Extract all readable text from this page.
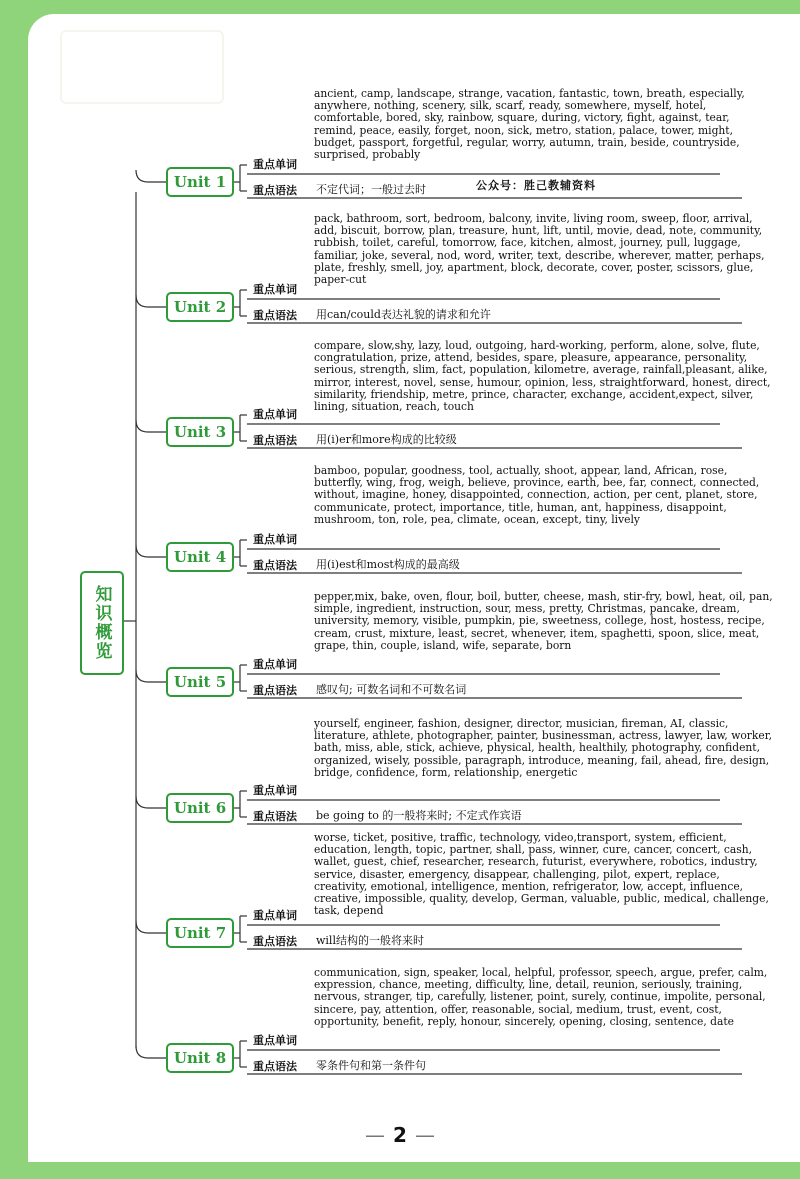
知识概览
公众号：胜己教辅资料
Unit 1
重点单词
重点语法
ancient, camp, landscape, strange, vacation, fantastic, town, breath, especially, anywhere, nothing, scenery, silk, scarf, ready, somewhere, myself, hotel, comfortable, bored, sky, rainbow, square, during, victory, fight, against, tear, remind, peace, easily, forget, noon, sick, metro, station, palace, tower, might, budget, passport, forgetful, regular, worry, autumn, train, beside, countryside, surprised, probably
不定代词；一般过去时
Unit 2
重点单词
重点语法
pack, bathroom, sort, bedroom, balcony, invite, living room, sweep, floor, arrival, add, biscuit, borrow, plan, treasure, hunt, lift, until, movie, dead, note, community, rubbish, toilet, careful, tomorrow, face, kitchen, almost, journey, pull, luggage, familiar, joke, several, nod, word, writer, text, describe, wherever, matter, perhaps, plate, freshly, smell, joy, apartment, block, decorate, cover, poster, scissors, glue, paper-cut
用can/could表达礼貌的请求和允许
Unit 3
重点单词
重点语法
compare, slow,shy, lazy, loud, outgoing, hard-working, perform, alone, solve, flute, congratulation, prize, attend, besides, spare, pleasure, appearance, personality, serious, strength, slim, fact, population, kilometre, average, rainfall,pleasant, alike, mirror, interest, novel, sense, humour, opinion, less, straightforward, honest, direct, similarity, friendship, metre, prince, character, exchange, accident,expect, silver, lining, situation, reach, touch
用(i)er和more构成的比较级
Unit 4
重点单词
重点语法
bamboo, popular, goodness, tool, actually, shoot, appear, land, African, rose, butterfly, wing, frog, weigh, believe, province, earth, bee, far, connect, connected, without, imagine, honey, disappointed, connection, action, per cent, planet, store, communicate, protect, importance, title, human, ant, happiness, disappoint, mushroom, ton, role, pea, climate, ocean, except, tiny, lively
用(i)est和most构成的最高级
Unit 5
重点单词
重点语法
pepper,mix, bake, oven, flour, boil, butter, cheese, mash, stir-fry, bowl, heat, oil, pan, simple, ingredient, instruction, sour, mess, pretty, Christmas, pancake, dream, university, memory, visible, pumpkin, pie, sweetness, college, host, hostess, recipe, cream, crust, mixture, least, secret, whenever, item, spaghetti, spoon, slice, meat, grape, thin, couple, island, wife, separate, born
感叹句; 可数名词和不可数名词
Unit 6
重点单词
重点语法
yourself, engineer, fashion, designer, director, musician, fireman, AI, classic, literature, athlete, photographer, painter, businessman, actress, lawyer, law, worker, bath, miss, able, stick, achieve, physical, health, healthily, photography, confident, organized, wisely, possible, paragraph, introduce, meaning, fail, ahead, fire, design, bridge, confidence, form, relationship, energetic
be going to 的一般将来时; 不定式作宾语
Unit 7
重点单词
重点语法
worse, ticket, positive, traffic, technology, video,transport, system, efficient, education, length, topic, partner, shall, pass, winner, cure, cancer, concert, cash, wallet, guest, chief, researcher, research, futurist, everywhere, robotics, industry, service, disaster, emergency, disappear, challenging, pilot, expert, replace, creativity, emotional, intelligence, mention, refrigerator, low, accept, influence, creative, impossible, quality, develop, German, valuable, public, medical, challenge, task, depend
will结构的一般将来时
Unit 8
重点单词
重点语法
communication, sign, speaker, local, helpful, professor, speech, argue, prefer, calm, expression, chance, meeting, difficulty, line, detail, reunion, seriously, training, nervous, stranger, tip, carefully, listener, point, surely, continue, impolite, personal, sincere, pay, attention, offer, reasonable, social, medium, trust, event, cost, opportunity, benefit, reply, honour, sincerely, opening, closing, sentence, date
零条件句和第一条件句
— 2 —
